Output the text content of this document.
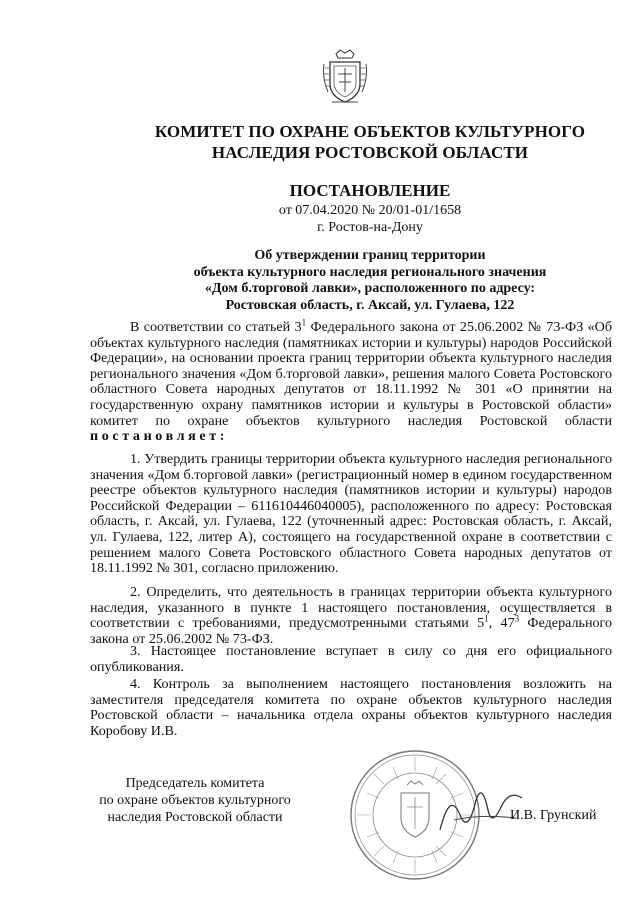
КОМИТЕТ ПО ОХРАНЕ ОБЪЕКТОВ КУЛЬТУРНОГО
НАСЛЕДИЯ РОСТОВСКОЙ ОБЛАСТИ
ПОСТАНОВЛЕНИЕ
от 07.04.2020 № 20/01-01/1658
г. Ростов-на-Дону
Об утверждении границ территории
объекта культурного наследия регионального значения
«Дом б.торговой лавки», расположенного по адресу:
Ростовская область, г. Аксай, ул. Гулаева, 122
В соответствии со статьей $3^1$ Федерального закона от 25.06.2002 № 73-ФЗ «Об объектах культурного наследия (памятниках истории и культуры) народов Российской Федерации», на основании проекта границ территории объекта культурного наследия регионального значения «Дом б.торговой лавки», решения малого Совета Ростовского областного Совета народных депутатов от 18.11.1992 № 301 «О принятии на государственную охрану памятников истории и культуры в Ростовской области» комитет по охране объектов культурного наследия Ростовской области постановляет:
1. Утвердить границы территории объекта культурного наследия регионального значения «Дом б.торговой лавки» (регистрационный номер в едином государственном реестре объектов культурного наследия (памятников истории и культуры) народов Российской Федерации – 611610446040005), расположенного по адресу: Ростовская область, г. Аксай, ул. Гулаева, 122 (уточненный адрес: Ростовская область, г. Аксай, ул. Гулаева, 122, литер А), состоящего на государственной охране в соответствии с решением малого Совета Ростовского областного Совета народных депутатов от 18.11.1992 № 301, согласно приложению.
2. Определить, что деятельность в границах территории объекта культурного наследия, указанного в пункте 1 настоящего постановления, осуществляется в соответствии с требованиями, предусмотренными статьями $5^1$, $47^3$ Федерального закона от 25.06.2002 № 73-ФЗ.
3. Настоящее постановление вступает в силу со дня его официального опубликования.
4. Контроль за выполнением настоящего постановления возложить на заместителя председателя комитета по охране объектов культурного наследия Ростовской области – начальника отдела охраны объектов культурного наследия Коробову И.В.
Председатель комитета
по охране объектов культурного
наследия Ростовской области	И.В. Грунский
